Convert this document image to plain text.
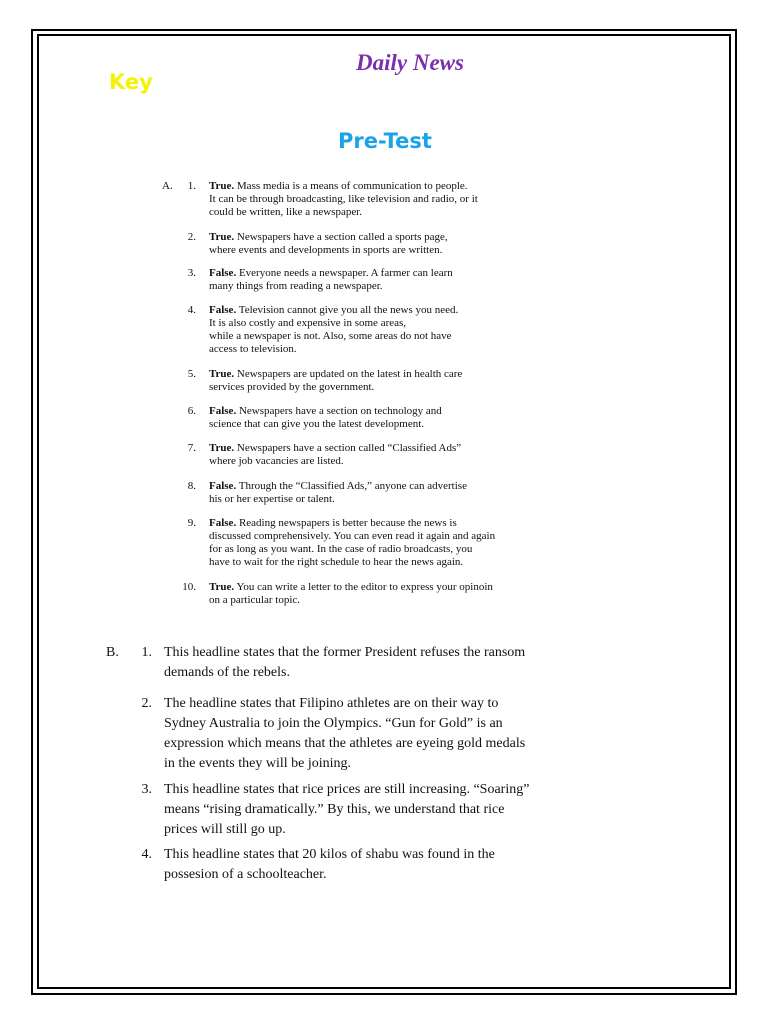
Daily News
Key
Pre-Test
A.	1. True. Mass media is a means of communication to people.
It can be through broadcasting, like television and radio, or it
could be written, like a newspaper.
2. True. Newspapers have a section called a sports page,
where events and developments in sports are written.
3. False. Everyone needs a newspaper. A farmer can learn
many things from reading a newspaper.
4. False. Television cannot give you all the news you need.
It is also costly and expensive in some areas,
while a newspaper is not. Also, some areas do not have
access to television.
5. True. Newspapers are updated on the latest in health care
services provided by the government.
6. False. Newspapers have a section on technology and
science that can give you the latest development.
7. True. Newspapers have a section called “Classified Ads”
where job vacancies are listed.
8. False. Through the “Classified Ads,” anyone can advertise
his or her expertise or talent.
9. False. Reading newspapers is better because the news is
discussed comprehensively. You can even read it again and again
for as long as you want. In the case of radio broadcasts, you
have to wait for the right schedule to hear the news again.
10. True. You can write a letter to the editor to express your opinoin
on a particular topic.
B.	1. This headline states that the former President refuses the ransom
demands of the rebels.
2. The headline states that Filipino athletes are on their way to
Sydney Australia to join the Olympics. “Gun for Gold” is an
expression which means that the athletes are eyeing gold medals
in the events they will be joining.
3. This headline states that rice prices are still increasing. “Soaring”
means “rising dramatically.” By this, we understand that rice
prices will still go up.
4. This headline states that 20 kilos of shabu was found in the
possesion of a schoolteacher.
